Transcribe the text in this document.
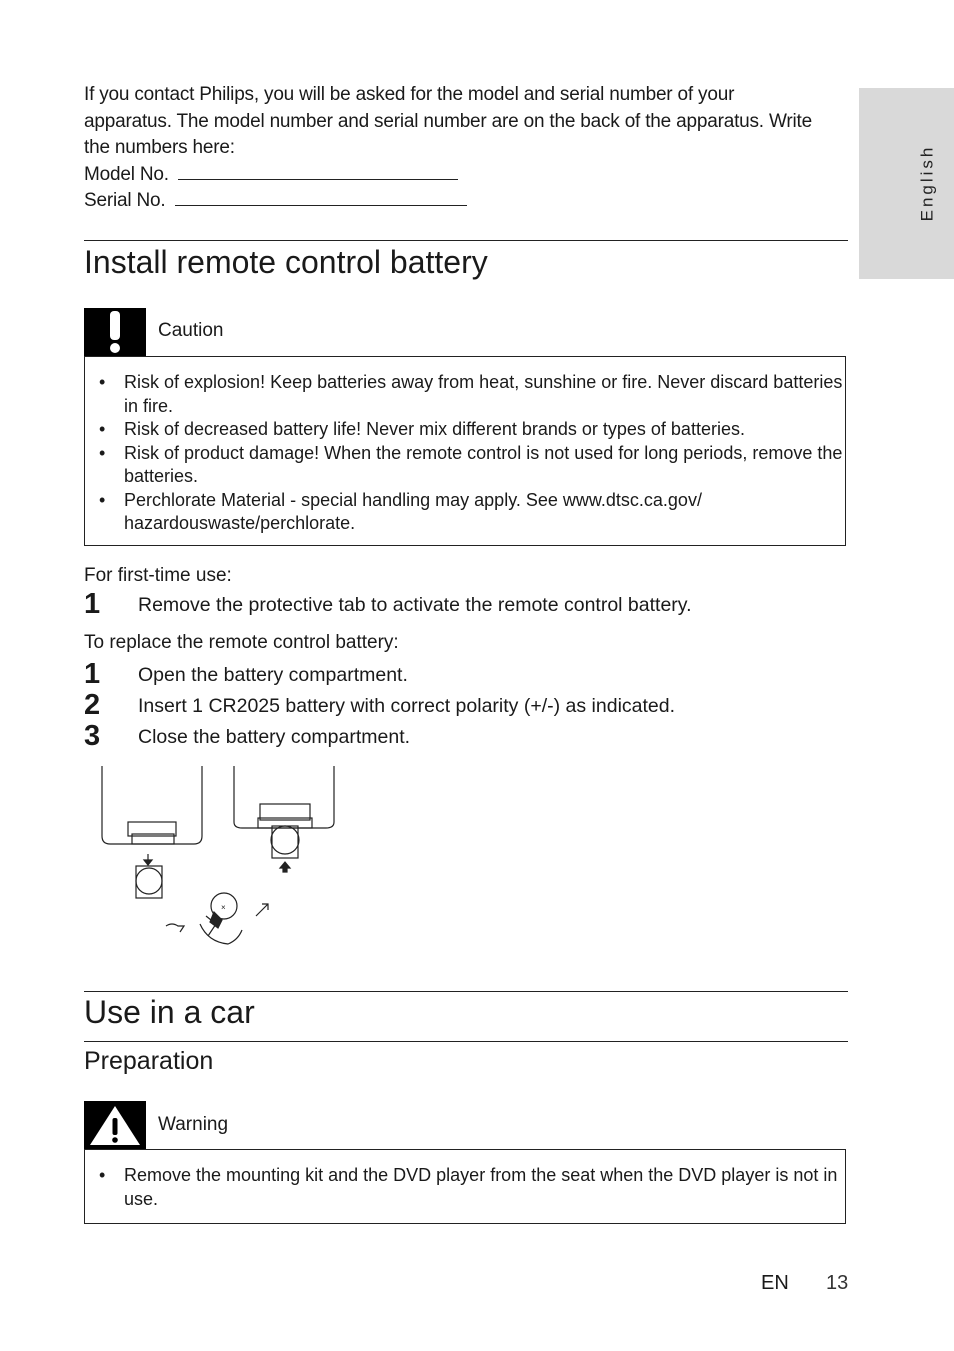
English
If you contact Philips, you will be asked for the model and serial number of your
apparatus. The model number and serial number are on the back of the apparatus. Write
the numbers here:
Model No.
Serial No.
Install remote control battery
Caution
• Risk of explosion! Keep batteries away from heat, sunshine or fire. Never discard batteries in fire.
• Risk of decreased battery life! Never mix different brands or types of batteries.
• Risk of product damage! When the remote control is not used for long periods, remove the batteries.
• Perchlorate Material - special handling may apply. See www.dtsc.ca.gov/ hazardouswaste/perchlorate.
For first-time use:
1 Remove the protective tab to activate the remote control battery.
To replace the remote control battery:
1 Open the battery compartment.
2 Insert 1 CR2025 battery with correct polarity (+/-) as indicated.
3 Close the battery compartment.
×
Use in a car
Preparation
Warning
• Remove the mounting kit and the DVD player from the seat when the DVD player is not in use.
EN 13
